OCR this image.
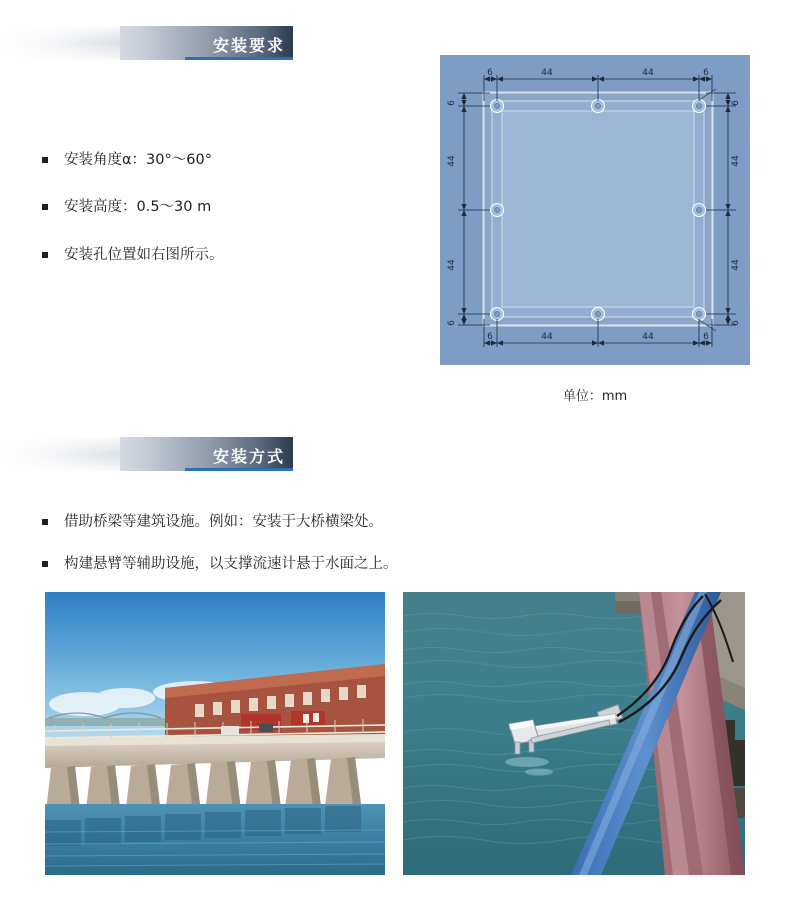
安装要求
安装角度α：30°～60°
安装高度：0.5～30 m
安装孔位置如右图所示。
6	44	44	6
6	44	44	6
6
44
44
6
6
44
44
6
单位：mm
安装方式
借助桥梁等建筑设施。例如：安装于大桥横梁处。
构建悬臂等辅助设施，以支撑流速计悬于水面之上。
